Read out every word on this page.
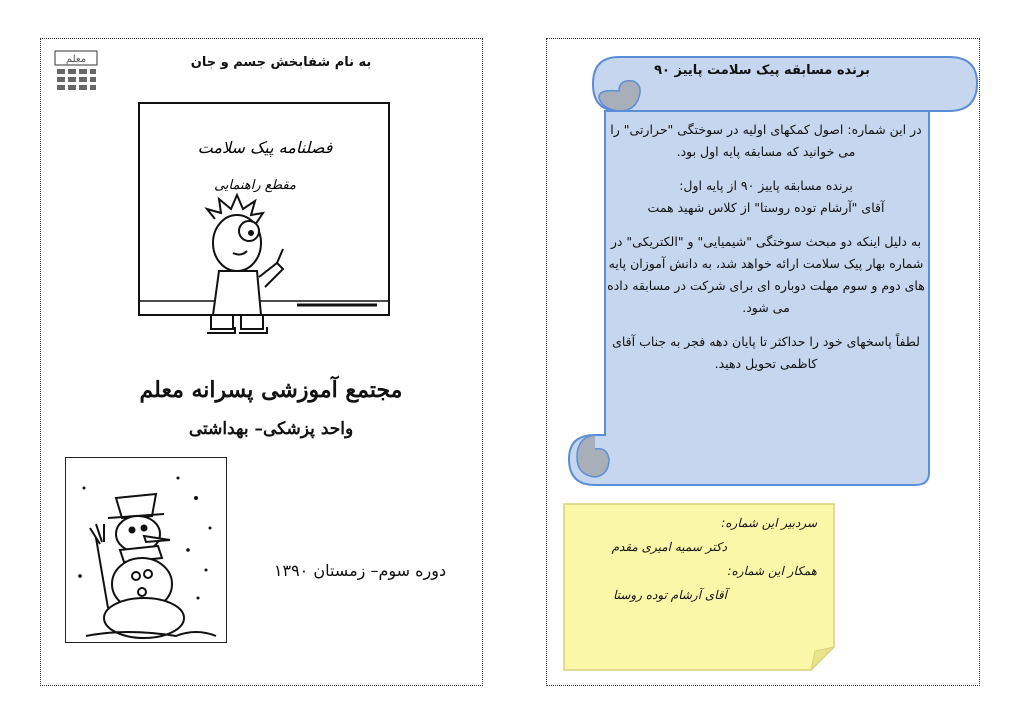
به نام شفابخش جسم و جان
معلم
فصلنامه پیک سلامت
مقطع راهنمایی
مجتمع آموزشی پسرانه معلم
واحد پزشکی– بهداشتی
دوره سوم– زمستان ۱۳۹۰
برنده مسابقه پیک سلامت پاییز ۹۰

در این شماره: اصول کمکهای اولیه در سوختگی "حرارتی" را می خوانید که مسابقه پایه اول بود.

برنده مسابقه پاییز ۹۰ از پایه اول:
آقای "آرشام توده روستا" از کلاس شهید همت

به دلیل اینکه دو مبحث سوختگی "شیمیایی" و "الکتریکی" در شماره بهار پیک سلامت ارائه خواهد شد، به دانش آموزان پایه های دوم و سوم مهلت دوباره ای برای شرکت در مسابقه داده می شود.

لطفاً پاسخهای خود را حداکثر تا پایان دهه فجر به جناب آقای کاظمی تحویل دهید.

سردبیر این شماره:
دکتر سمیه امیری مقدم
همکار این شماره:
آقای آرشام توده روستا
